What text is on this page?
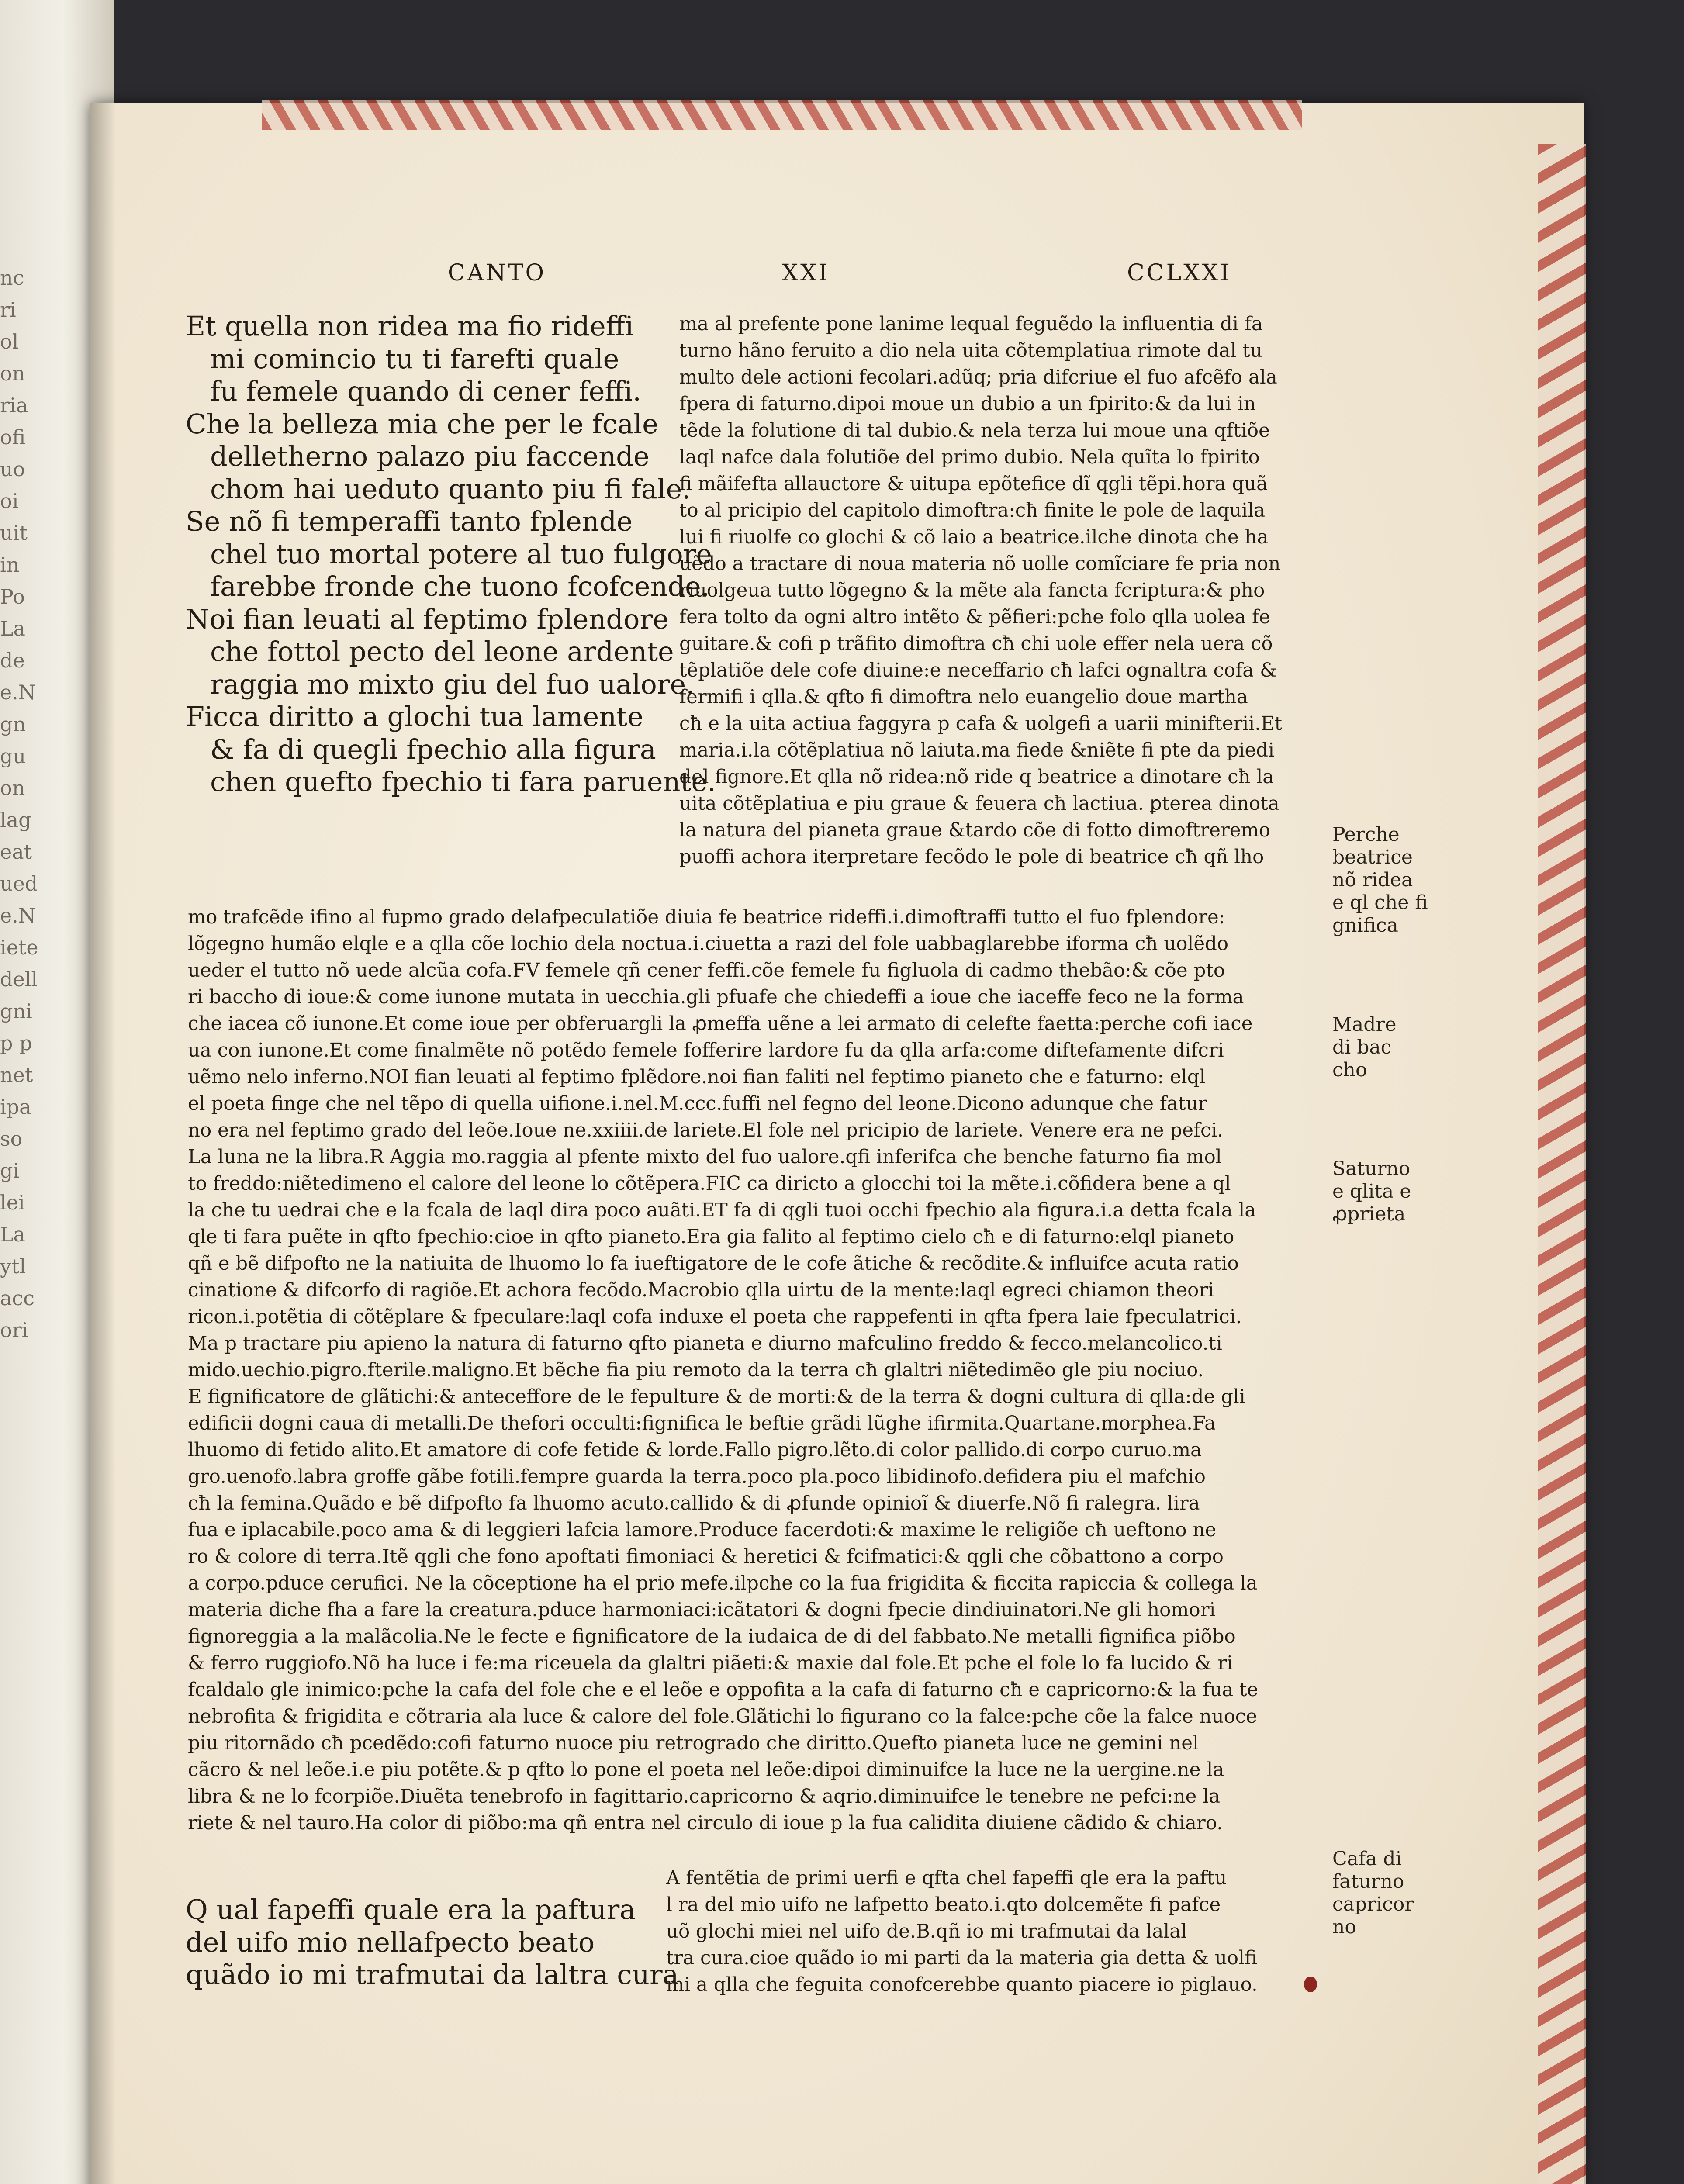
nc
ri
ol
on
ria
ofi
uo
oi
uit
in
Po
La
de
e.N
gn
gu
on
lag
eat
ued
e.N
iete
dell
gni
p p
net
ipa
so
gi
lei
La
ytl
acc
ori
CANTO	XXI	CCLXXI
Et quella non ridea ma fio rideffi
mi comincio tu ti farefti quale
fu femele quando di cener feffi.
Che la belleza mia che per le fcale
delletherno palazo piu faccende
chom hai ueduto quanto piu fi fale.
Se nõ fi temperaffi tanto fplende
chel tuo mortal potere al tuo fulgore
farebbe fronde che tuono fcofcende.
Noi fian leuati al feptimo fplendore
che fottol pecto del leone ardente
raggia mo mixto giu del fuo ualore.
Ficca diritto a glochi tua lamente
& fa di quegli fpechio alla figura
chen quefto fpechio ti fara paruente.
ma al prefente pone lanime lequal feguẽdo la influentia di fa
turno hãno feruito a dio nela uita cõtemplatiua rimote dal tu
multo dele actioni fecolari.adũq; pria difcriue el fuo afcẽfo ala
fpera di faturno.dipoi moue un dubio a un fpirito:& da lui in
tẽde la folutione di tal dubio.& nela terza lui moue una qftiõe
laql nafce dala folutiõe del primo dubio. Nela quĩta lo fpirito
fi mãifefta allauctore & uitupa epõtefice dĩ qgli tẽpi.hora quã
to al pricipio del capitolo dimoftra:cħ finite le pole de laquila
lui fi riuolfe co glochi & cõ laio a beatrice.ilche dinota che ha
uẽdo a tractare di noua materia nõ uolle comĩciare fe pria non
riuolgeua tutto lõgegno & la mẽte ala fancta fcriptura:& pho
fera tolto da ogni altro intẽto & pẽfieri:pche folo qlla uolea fe
guitare.& cofi p trãfito dimoftra cħ chi uole effer nela uera cõ
tẽplatiõe dele cofe diuine:e neceffario cħ lafci ognaltra cofa &
fermifi i qlla.& qfto fi dimoftra nelo euangelio doue martha
cħ e la uita actiua faggyra p cafa & uolgefi a uarii minifterii.Et
maria.i.la cõtẽplatiua nõ laiuta.ma fiede &niẽte fi pte da piedi
del fignore.Et qlla nõ ridea:nõ ride q beatrice a dinotare cħ la
uita cõtẽplatiua e piu graue & feuera cħ lactiua. ꝑterea dinota
la natura del pianeta graue &tardo cõe di fotto dimoftreremo
puoffi achora iterpretare fecõdo le pole di beatrice cħ qñ lho
mo trafcẽde ifino al fupmo grado delafpeculatiõe diuia fe beatrice rideffi.i.dimoftraffi tutto el fuo fplendore:
lõgegno humão elqle e a qlla cõe lochio dela noctua.i.ciuetta a razi del fole uabbaglarebbe iforma cħ uolẽdo
ueder el tutto nõ uede alcũa cofa.FV femele qñ cener feffi.cõe femele fu figluola di cadmo thebão:& cõe pto
ri baccho di ioue:& come iunone mutata in uecchia.gli pfuafe che chiedeffi a ioue che iaceffe feco ne la forma
che iacea cõ iunone.Et come ioue per obferuargli la ꝓmeffa uẽne a lei armato di celefte faetta:perche cofi iace
ua con iunone.Et come finalmẽte nõ potẽdo femele fofferire lardore fu da qlla arfa:come diftefamente difcri
uẽmo nelo inferno.NOI fian leuati al feptimo fplẽdore.noi fian faliti nel feptimo pianeto che e faturno: elql
el poeta finge che nel tẽpo di quella uifione.i.nel.M.ccc.fuffi nel fegno del leone.Dicono adunque che fatur
no era nel feptimo grado del leõe.Ioue ne.xxiiii.de lariete.El fole nel pricipio de lariete. Venere era ne pefci.
La luna ne la libra.R Aggia mo.raggia al pfente mixto del fuo ualore.qfi inferifca che benche faturno fia mol
to freddo:niẽtedimeno el calore del leone lo cõtẽpera.FIC ca diricto a glocchi toi la mẽte.i.cõfidera bene a ql
la che tu uedrai che e la fcala de laql dira poco auãti.ET fa di qgli tuoi occhi fpechio ala figura.i.a detta fcala la
qle ti fara puẽte in qfto fpechio:cioe in qfto pianeto.Era gia falito al feptimo cielo cħ e di faturno:elql pianeto
qñ e bẽ difpofto ne la natiuita de lhuomo lo fa iueftigatore de le cofe ãtiche & recõdite.& influifce acuta ratio
cinatione & difcorfo di ragiõe.Et achora fecõdo.Macrobio qlla uirtu de la mente:laql egreci chiamon theori
ricon.i.potẽtia di cõtẽplare & fpeculare:laql cofa induxe el poeta che rappefenti in qfta fpera laie fpeculatrici.
Ma p tractare piu apieno la natura di faturno qfto pianeta e diurno mafculino freddo & fecco.melancolico.ti
mido.uechio.pigro.fterile.maligno.Et bẽche fia piu remoto da la terra cħ glaltri niẽtedimẽo gle piu nociuo.
E fignificatore de glãtichi:& anteceffore de le fepulture & de morti:& de la terra & dogni cultura di qlla:de gli
edificii dogni caua di metalli.De thefori occulti:fignifica le beftie grãdi lũghe ifirmita.Quartane.morphea.Fa
lhuomo di fetido alito.Et amatore di cofe fetide & lorde.Fallo pigro.lẽto.di color pallido.di corpo curuo.ma
gro.uenofo.labra groffe gãbe fotili.fempre guarda la terra.poco pla.poco libidinofo.defidera piu el mafchio
cħ la femina.Quãdo e bẽ difpofto fa lhuomo acuto.callido & di ꝓfunde opinioĩ & diuerfe.Nõ fi ralegra. lira
fua e iplacabile.poco ama & di leggieri lafcia lamore.Produce facerdoti:& maxime le religiõe cħ ueftono ne
ro & colore di terra.Itẽ qgli che fono apoftati fimoniaci & heretici & fcifmatici:& qgli che cõbattono a corpo
a corpo.pduce cerufici. Ne la cõceptione ha el prio mefe.ilpche co la fua frigidita & ficcita rapiccia & collega la
materia diche fha a fare la creatura.pduce harmoniaci:icãtatori & dogni fpecie dindiuinatori.Ne gli homori
fignoreggia a la malãcolia.Ne le fecte e fignificatore de la iudaica de di del fabbato.Ne metalli fignifica piõbo
& ferro ruggiofo.Nõ ha luce i fe:ma riceuela da glaltri piãeti:& maxie dal fole.Et pche el fole lo fa lucido & ri
fcaldalo gle inimico:pche la cafa del fole che e el leõe e oppofita a la cafa di faturno cħ e capricorno:& la fua te
nebrofita & frigidita e cõtraria ala luce & calore del fole.Glãtichi lo figurano co la falce:pche cõe la falce nuoce
piu ritornãdo cħ pcedẽdo:cofi faturno nuoce piu retrogrado che diritto.Quefto pianeta luce ne gemini nel
cãcro & nel leõe.i.e piu potẽte.& p qfto lo pone el poeta nel leõe:dipoi diminuifce la luce ne la uergine.ne la
libra & ne lo fcorpiõe.Diuẽta tenebrofo in fagittario.capricorno & aqrio.diminuifce le tenebre ne pefci:ne la
riete & nel tauro.Ha color di piõbo:ma qñ entra nel circulo di ioue p la fua calidita diuiene cãdido & chiaro.
A fentẽtia de primi uerfi e qfta chel fapeffi qle era la paftu
l ra del mio uifo ne lafpetto beato.i.qto dolcemẽte fi pafce
uõ glochi miei nel uifo de.B.qñ io mi trafmutai da lalal
tra cura.cioe quãdo io mi parti da la materia gia detta & uolfi
mi a qlla che feguita conofcerebbe quanto piacere io piglauo.
Q ual fapeffi quale era la paftura
del uifo mio nellafpecto beato
quãdo io mi trafmutai da laltra cura
Perche
beatrice
nõ ridea
e ql che fi
gnifica
Madre
di bac
cho
Saturno
e qlita e
ꝓprieta
Cafa di
faturno
capricor
no
